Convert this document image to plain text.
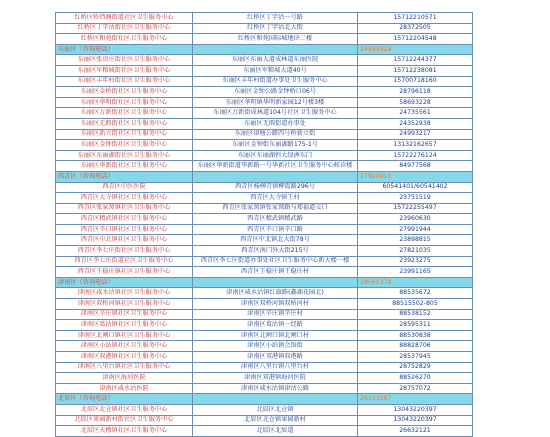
红桥区铃铛阁街道社区卫生服务中心	红桥区丁字沽一号路	15712210571
红桥区丁字沽街社区卫生服务中心	红桥区丁字沽北大街	28372505
红桥区和苑街社区卫生服务中心	红桥区和苑国际城地块二楼	15712204548
东丽区（咨询电话）		24583929
东丽区张贵庄街社区卫生服务中心	东丽区东丽大道成林道东丽医院	15712244377
东丽区军粮城街社区卫生服务中心	东丽区军粮城大道40号	15712238081
东丽区丰年村街社区卫生服务中心	东丽区丰年村街道办事处卫生服务中心	15700718160
东丽区金桥街社区卫生服务中心	东丽区金钟公路金钟桥口06号	28796118
东丽区华明街社区卫生服务中心	东丽区华明镇华明新家园12号楼3楼	58693228
东丽区万新街社区卫生服务中心	东丽区万新街成林道104号社区卫生服务中心	24735561
东丽区无瑕街社区卫生服务中心	东丽区无瑕街道办事处	24352938
东丽区新立街社区卫生服务中心	东丽区津塘公路四号桥新立街	24993217
东丽区金钟街社区卫生服务中心	东丽区金钟街东丽湖路175-1号	13132162657
东丽区东丽湖街社区卫生服务中心	东丽区东丽湖恒大绿洲东门	15722276124
东丽区华新街社区卫生服务中心	东丽区华新街道华新路一号华新社区卫生服务中心候诊楼	84977568
西青区（咨询电话）		27920410
西青区中医医院	西青区杨柳青镇柳霞路296号	60541401/60541402
西青区大寺镇社区卫生服务中心	西青区大寺镇王村	23751519
西青区张家窝镇社区卫生服务中心	西青区张家窝镇张家窝路与郑福道交口	15722255497
西青区精武镇社区卫生服务中心	西青区精武镇精武路	23960630
西青区辛口镇社区卫生服务中心	西青区辛口镇辛口路	27991944
西青区中北镇社区卫生服务中心	西青区中北镇北大街78号	23898815
西青区李七庄街社区卫生服务中心	西青区南门外大街215号	27821035
西青区李七庄街道社区卫生服务中心	西青区李七庄街道办事处社区卫生服务中心新大楼一楼	23923275
西青区王稳庄镇社区卫生服务中心	西青区王稳庄镇王稳庄村	23991165
津南区（咨询电话）		28565379
津南区咸水沽镇社区卫生服务中心	津南区咸水沽镇红旗路(鑫湖花园北)	88535672
津南区双桥河镇社区卫生服务中心	津南区双桥河镇双桥河村	88515502-805
津南区辛庄镇社区卫生服务中心	津南区辛庄镇辛庄村	88538152
津南区葛沽镇社区卫生服务中心	津南区葛沽镇一经路	28595311
津南区北闸口镇社区卫生服务中心	津南区北闸口镇北闸口村	88530838
津南区小站镇社区卫生服务中心	津南区小站镇会馆街	88828706
津南区双港镇社区卫生服务中心	津南区双港镇双港路	28537945
津南区八里台镇社区卫生服务中心	津南区八里台镇八里台村	28752829
津南区海河医院	津南区双港镇海河医院	88526270
津南区咸水沽医院	津南区咸水沽镇津沽公路	28757072
北辰区（咨询电话）		26533567
北辰区北仓镇社区卫生服务中心	北辰区北仓镇	13043220397
北辰区果园新村街社区卫生服务中心	北辰区北仓镇果园新村	13043220397
北辰区天穆镇社区卫生服务中心	北辰区北辰道	26632121
